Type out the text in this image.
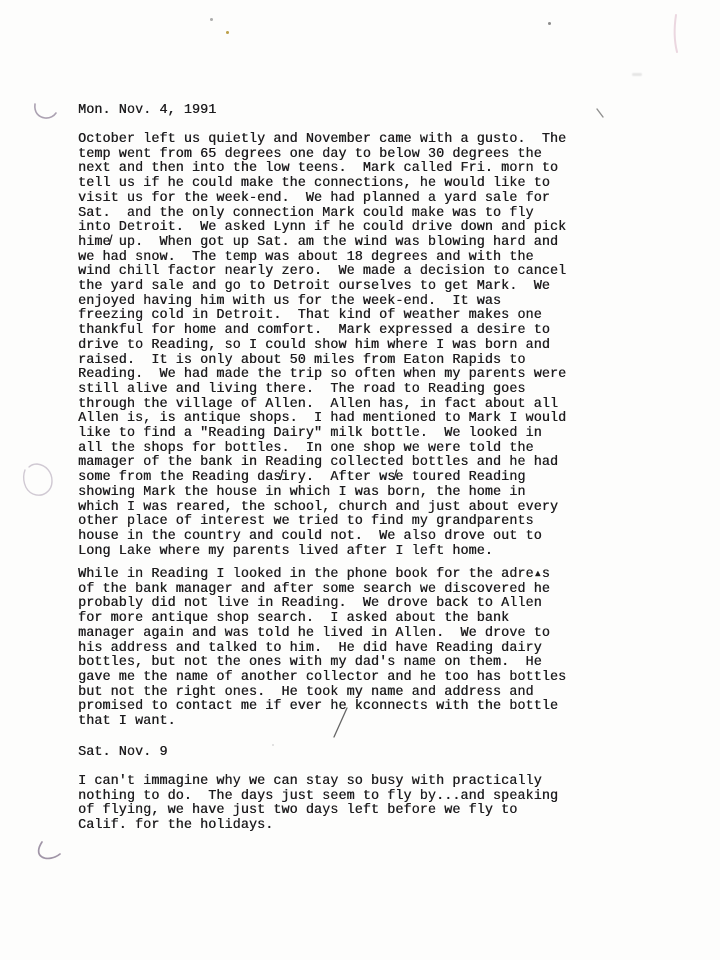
Mon. Nov. 4, 1991
October left us quietly and November came with a gusto.  The
temp went from 65 degrees one day to below 30 degrees the
next and then into the low teens.  Mark called Fri. morn to
tell us if he could make the connections, he would like to
visit us for the week-end.  We had planned a yard sale for
Sat.  and the only connection Mark could make was to fly
into Detroit.  We asked Lynn if he could drive down and pick
hime̸ up.  When got up Sat. am the wind was blowing hard and
we had snow.  The temp was about 18 degrees and with the
wind chill factor nearly zero.  We made a decision to cancel
the yard sale and go to Detroit ourselves to get Mark.  We
enjoyed having him with us for the week-end.  It was
freezing cold in Detroit.  That kind of weather makes one
thankful for home and comfort.  Mark expressed a desire to
drive to Reading, so I could show him where I was born and
raised.  It is only about 50 miles from Eaton Rapids to
Reading.  We had made the trip so often when my parents were
still alive and living there.  The road to Reading goes
through the village of Allen.  Allen has, in fact about all
Allen is, is antique shops.  I had mentioned to Mark I would
like to find a "Reading Dairy" milk bottle.  We looked in
all the shops for bottles.  In one shop we were told the
mamager of the bank in Reading collected bottles and he had
some from the Reading das̸iry.  After ws̸e toured Reading
showing Mark the house in which I was born, the home in
which I was reared, the school, church and just about every
other place of interest we tried to find my grandparents
house in the country and could not.  We also drove out to
Long Lake where my parents lived after I left home.
While in Reading I looked in the phone book for the adre▴s
of the bank manager and after some search we discovered he
probably did not live in Reading.  We drove back to Allen
for more antique shop search.  I asked about the bank
manager again and was told he lived in Allen.  We drove to
his address and talked to him.  He did have Reading dairy
bottles, but not the ones with my dad's name on them.  He
gave me the name of another collector and he too has bottles
but not the right ones.  He took my name and address and
promised to contact me if ever he kconnects with the bottle
that I want.
Sat. Nov. 9
I can't immagine why we can stay so busy with practically
nothing to do.  The days just seem to fly by...and speaking
of flying, we have just two days left before we fly to
Calif. for the holidays.
